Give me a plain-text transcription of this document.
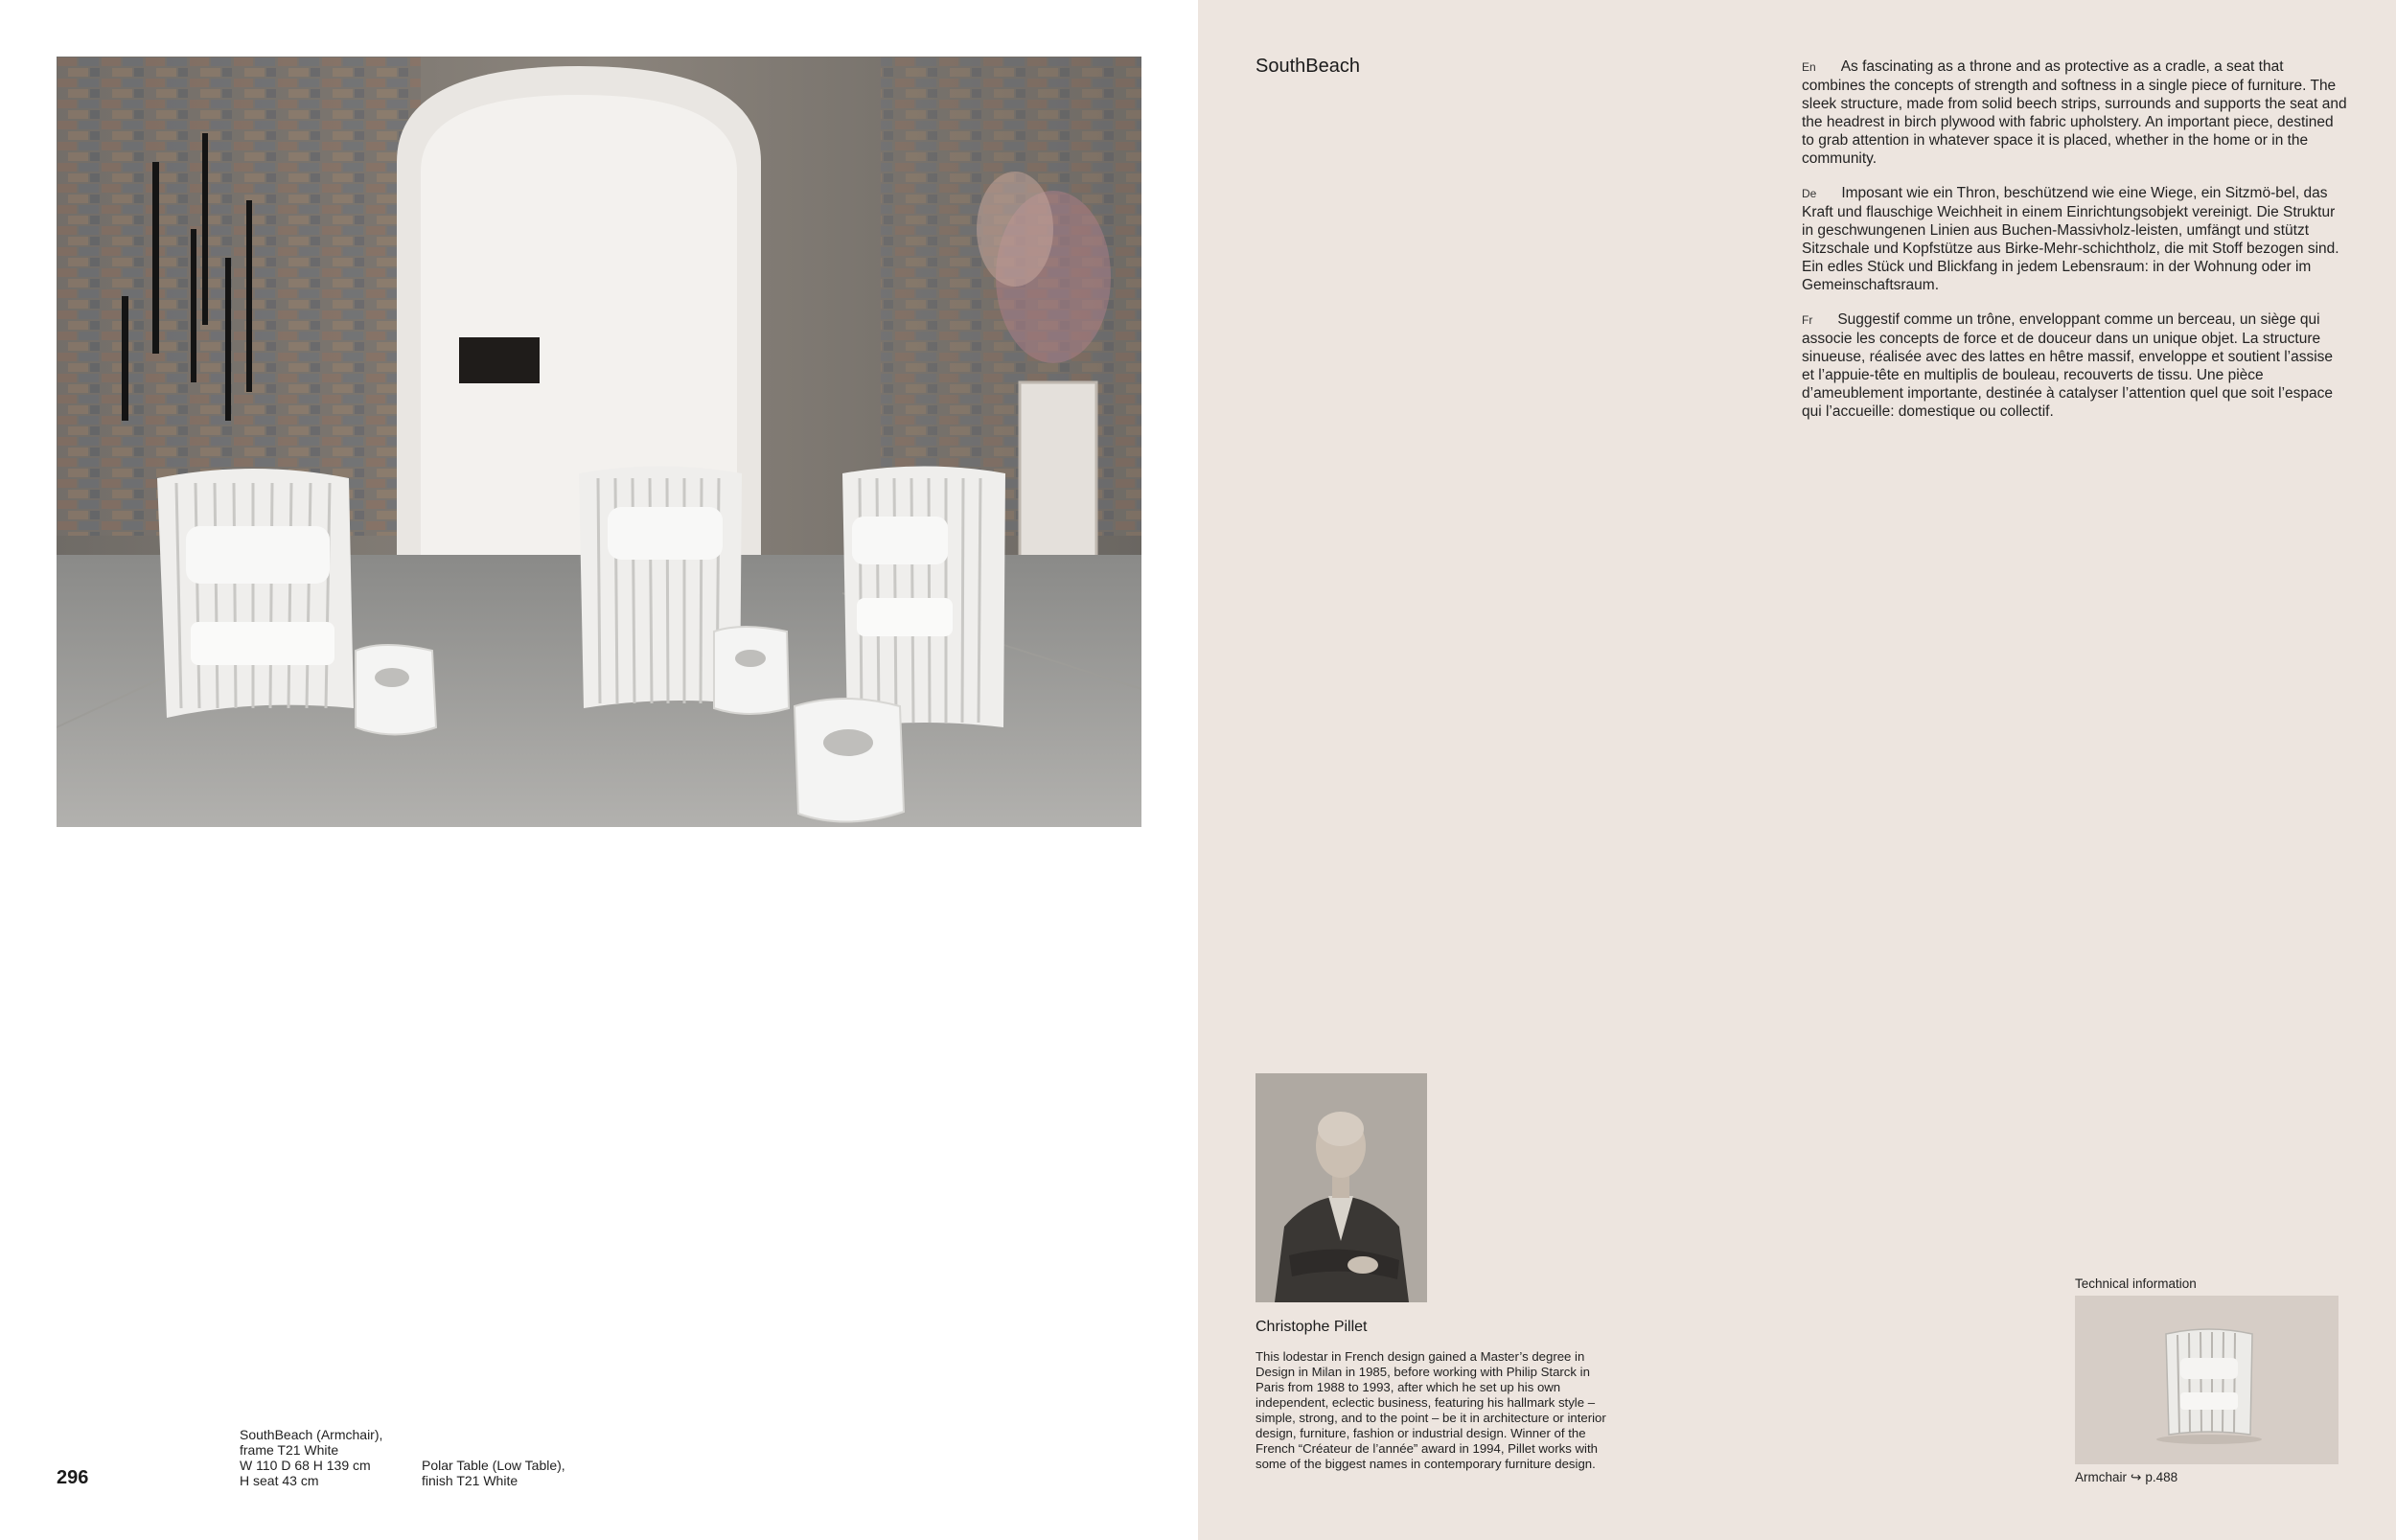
SouthBeach (Armchair),
frame T21 White
W 110 D 68 H 139 cm
H seat 43 cm
Polar Table (Low Table),
finish T21 White
296
SouthBeach	En As fascinating as a throne and as protective as a cradle, a seat that combines the concepts of strength and softness in a single piece of furniture. The sleek structure, made from solid beech strips, surrounds and supports the seat and the headrest in birch plywood with fabric upholstery. An important piece, destined to grab attention in whatever space it is placed, whether in the home or in the community.
De Imposant wie ein Thron, beschützend wie eine Wiege, ein Sitzmö-bel, das Kraft und flauschige Weichheit in einem Einrichtungsobjekt vereinigt. Die Struktur in geschwungenen Linien aus Buchen-Massivholz-leisten, umfängt und stützt Sitzschale und Kopfstütze aus Birke-Mehr-schichtholz, die mit Stoff bezogen sind. Ein edles Stück und Blickfang in jedem Lebensraum: in der Wohnung oder im Gemeinschaftsraum.
Fr Suggestif comme un trône, enveloppant comme un berceau, un siège qui associe les concepts de force et de douceur dans un unique objet. La structure sinueuse, réalisée avec des lattes en hêtre massif, enveloppe et soutient l’assise et l’appuie-tête en multiplis de bouleau, recouverts de tissu. Une pièce d’ameublement importante, destinée à catalyser l’attention quel que soit l’espace qui l’accueille: domestique ou collectif.
Christophe Pillet
This lodestar in French design gained a Master’s degree in Design in Milan in 1985, before working with Philip Starck in Paris from 1988 to 1993, after which he set up his own independent, eclectic business, featuring his hallmark style – simple, strong, and to the point – be it in architecture or interior design, furniture, fashion or industrial design. Winner of the French “Créateur de l’année” award in 1994, Pillet works with some of the biggest names in contemporary furniture design.
Technical information
Armchair ↪ p.488
